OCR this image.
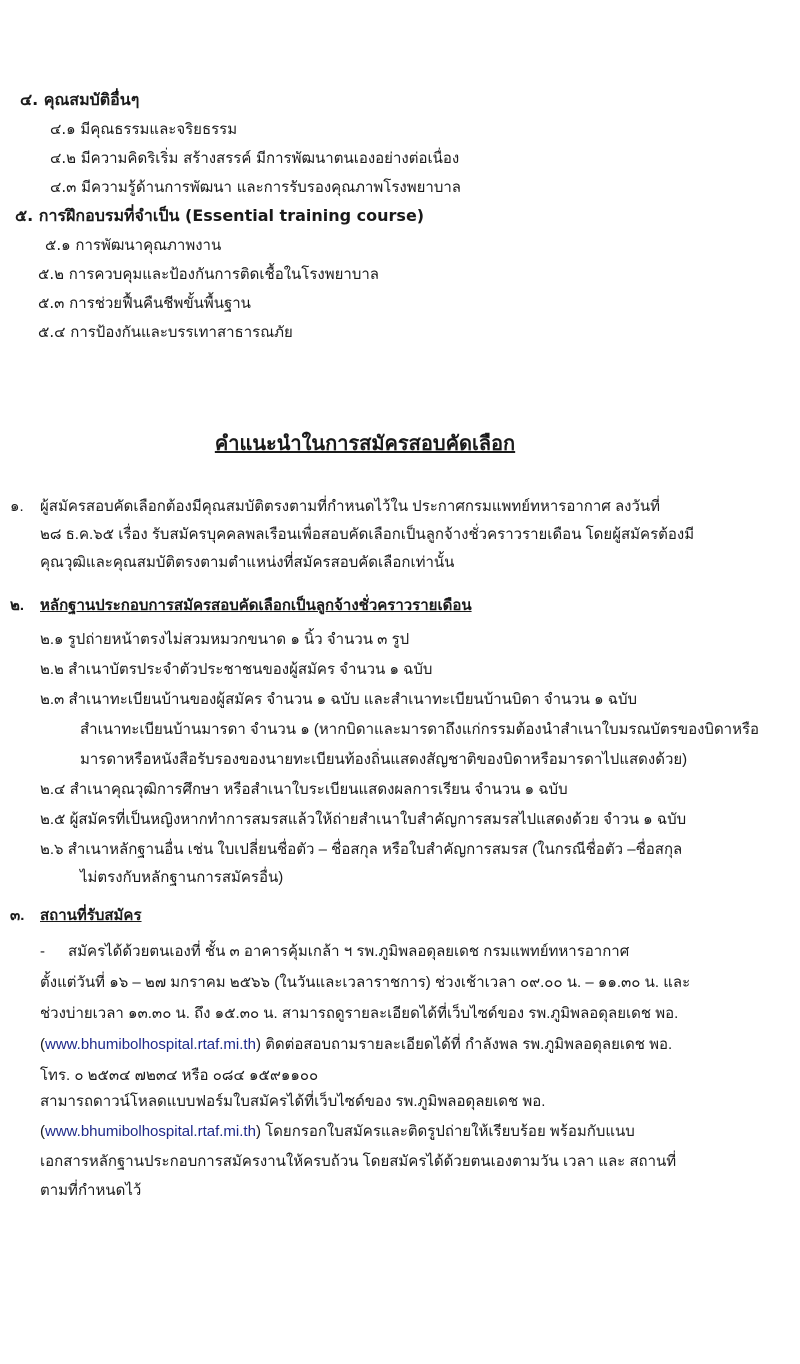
๔. คุณสมบัติอื่นๆ
๔.๑ มีคุณธรรมและจริยธรรม
๔.๒ มีความคิดริเริ่ม สร้างสรรค์ มีการพัฒนาตนเองอย่างต่อเนื่อง
๔.๓ มีความรู้ด้านการพัฒนา และการรับรองคุณภาพโรงพยาบาล
๕. การฝึกอบรมที่จำเป็น (Essential training course)
๕.๑ การพัฒนาคุณภาพงาน
๕.๒ การควบคุมและป้องกันการติดเชื้อในโรงพยาบาล
๕.๓ การช่วยฟื้นคืนชีพขั้นพื้นฐาน
๕.๔ การป้องกันและบรรเทาสาธารณภัย
คำแนะนำในการสมัครสอบคัดเลือก
๑. ผู้สมัครสอบคัดเลือกต้องมีคุณสมบัติตรงตามที่กำหนดไว้ใน ประกาศกรมแพทย์ทหารอากาศ ลงวันที่
๒๘ ธ.ค.๖๕ เรื่อง รับสมัครบุคคลพลเรือนเพื่อสอบคัดเลือกเป็นลูกจ้างชั่วคราวรายเดือน โดยผู้สมัครต้องมี
คุณวุฒิและคุณสมบัติตรงตามตำแหน่งที่สมัครสอบคัดเลือกเท่านั้น
๒. หลักฐานประกอบการสมัครสอบคัดเลือกเป็นลูกจ้างชั่วคราวรายเดือน
๒.๑ รูปถ่ายหน้าตรงไม่สวมหมวกขนาด ๑ นิ้ว จำนวน ๓ รูป
๒.๒ สำเนาบัตรประจำตัวประชาชนของผู้สมัคร จำนวน ๑ ฉบับ
๒.๓ สำเนาทะเบียนบ้านของผู้สมัคร จำนวน ๑ ฉบับ และสำเนาทะเบียนบ้านบิดา จำนวน ๑ ฉบับ
สำเนาทะเบียนบ้านมารดา จำนวน ๑ (หากบิดาและมารดาถึงแก่กรรมต้องนำสำเนาใบมรณบัตรของบิดาหรือ
มารดาหรือหนังสือรับรองของนายทะเบียนท้องถิ่นแสดงสัญชาติของบิดาหรือมารดาไปแสดงด้วย)
๒.๔ สำเนาคุณวุฒิการศึกษา หรือสำเนาใบระเบียนแสดงผลการเรียน จำนวน ๑ ฉบับ
๒.๕ ผู้สมัครที่เป็นหญิงหากทำการสมรสแล้วให้ถ่ายสำเนาใบสำคัญการสมรสไปแสดงด้วย จำวน ๑ ฉบับ
๒.๖ สำเนาหลักฐานอื่น เช่น ใบเปลี่ยนชื่อตัว – ชื่อสกุล หรือใบสำคัญการสมรส (ในกรณีชื่อตัว –ชื่อสกุล
ไม่ตรงกับหลักฐานการสมัครอื่น)
๓. สถานที่รับสมัคร
- สมัครได้ด้วยตนเองที่ ชั้น ๓ อาคารคุ้มเกล้า ฯ รพ.ภูมิพลอดุลยเดช กรมแพทย์ทหารอากาศ
ตั้งแต่วันที่ ๑๖ – ๒๗ มกราคม ๒๕๖๖ (ในวันและเวลาราชการ) ช่วงเช้าเวลา ๐๙.๐๐ น. – ๑๑.๓๐ น. และ
ช่วงบ่ายเวลา ๑๓.๓๐ น. ถึง ๑๕.๓๐ น. สามารถดูรายละเอียดได้ที่เว็บไซด์ของ รพ.ภูมิพลอดุลยเดช พอ.
(www.bhumibolhospital.rtaf.mi.th) ติดต่อสอบถามรายละเอียดได้ที่ กำลังพล รพ.ภูมิพลอดุลยเดช พอ.
โทร. ๐ ๒๕๓๔ ๗๒๓๔ หรือ ๐๘๔ ๑๕๙๑๑๐๐
สามารถดาวน์โหลดแบบฟอร์มใบสมัครได้ที่เว็บไซด์ของ รพ.ภูมิพลอดุลยเดช พอ.
(www.bhumibolhospital.rtaf.mi.th) โดยกรอกใบสมัครและติดรูปถ่ายให้เรียบร้อย พร้อมกับแนบ
เอกสารหลักฐานประกอบการสมัครงานให้ครบถ้วน โดยสมัครได้ด้วยตนเองตามวัน เวลา และ สถานที่
ตามที่กำหนดไว้
